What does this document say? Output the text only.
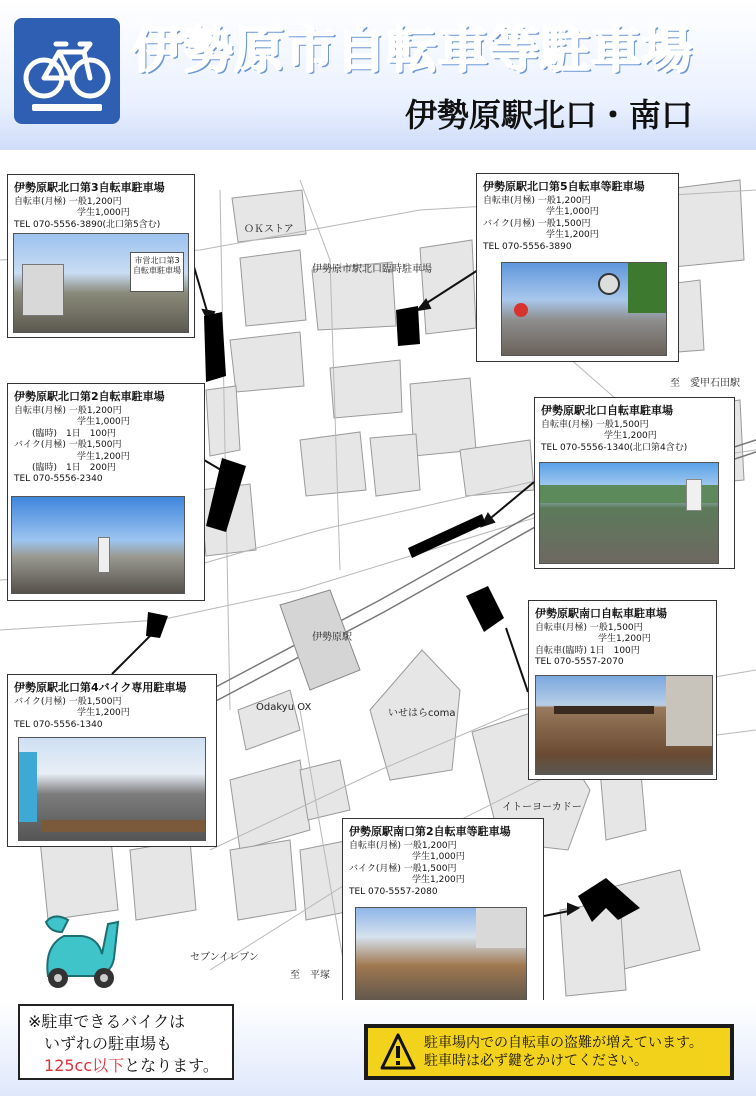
伊勢原市自転車等駐車場
伊勢原駅北口・南口
ＯＫストア
伊勢原市駅北口臨時駐車場
至　愛甲石田駅
伊勢原駅
Odakyu OX
いせはらcoma
イトーヨーカドー
セブンイレブン
至　平塚
伊勢原駅北口第3自転車駐車場
自転車(月極) 一般1,200円
　　　　　　　学生1,000円
TEL 070-5556-3890(北口第5含む)
市営北口第3
自転車駐車場
伊勢原駅北口第5自転車等駐車場
自転車(月極) 一般1,200円
　　　　　　　学生1,000円
バイク(月極) 一般1,500円
　　　　　　　学生1,200円
TEL 070-5556-3890
伊勢原駅北口第2自転車駐車場
自転車(月極) 一般1,200円
　　　　　　　学生1,000円
　　(臨時)　1日　100円
バイク(月極) 一般1,500円
　　　　　　　学生1,200円
　　(臨時)　1日　200円
TEL 070-5556-2340
伊勢原駅北口自転車駐車場
自転車(月極) 一般1,500円
　　　　　　　学生1,200円
TEL 070-5556-1340(北口第4含む)
伊勢原駅南口自転車駐車場
自転車(月極) 一般1,500円
　　　　　　　学生1,200円
自転車(臨時) 1日　100円
TEL 070-5557-2070
伊勢原駅北口第4バイク専用駐車場
バイク(月極) 一般1,500円
　　　　　　　学生1,200円
TEL 070-5556-1340
伊勢原駅南口第2自転車等駐車場
自転車(月極) 一般1,200円
　　　　　　　学生1,000円
バイク(月極) 一般1,500円
　　　　　　　学生1,200円
TEL 070-5557-2080
※駐車できるバイクは
　いずれの駐車場も
　125cc以下となります。
駐車場内での自転車の盗難が増えています。
駐車時は必ず鍵をかけてください。
